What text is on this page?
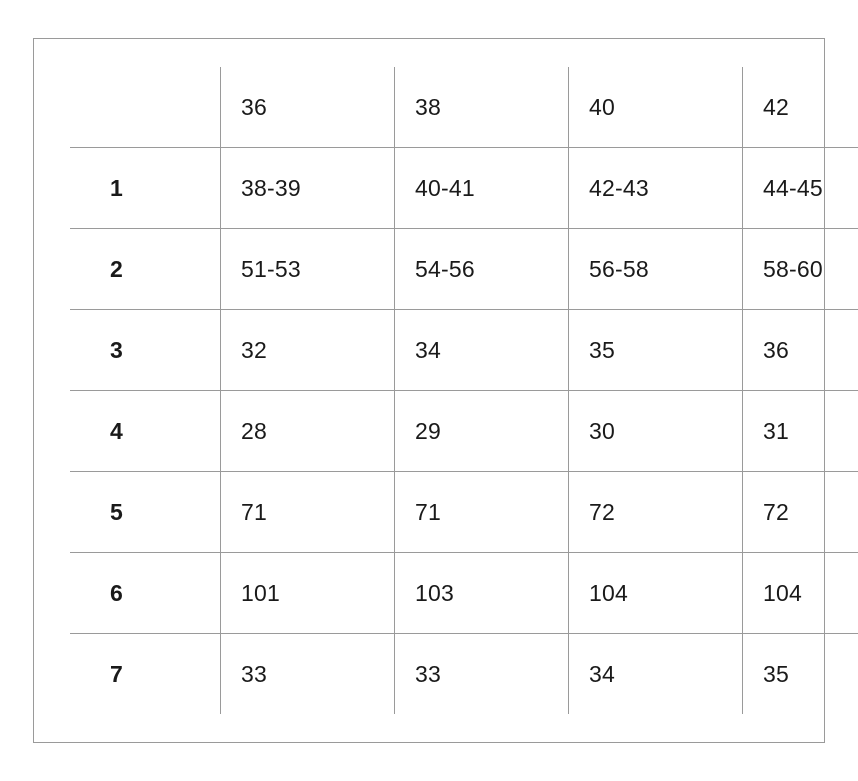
	36	38	40	42
1	38-39	40-41	42-43	44-45
2	51-53	54-56	56-58	58-60
3	32	34	35	36
4	28	29	30	31
5	71	71	72	72
6	101	103	104	104
7	33	33	34	35
